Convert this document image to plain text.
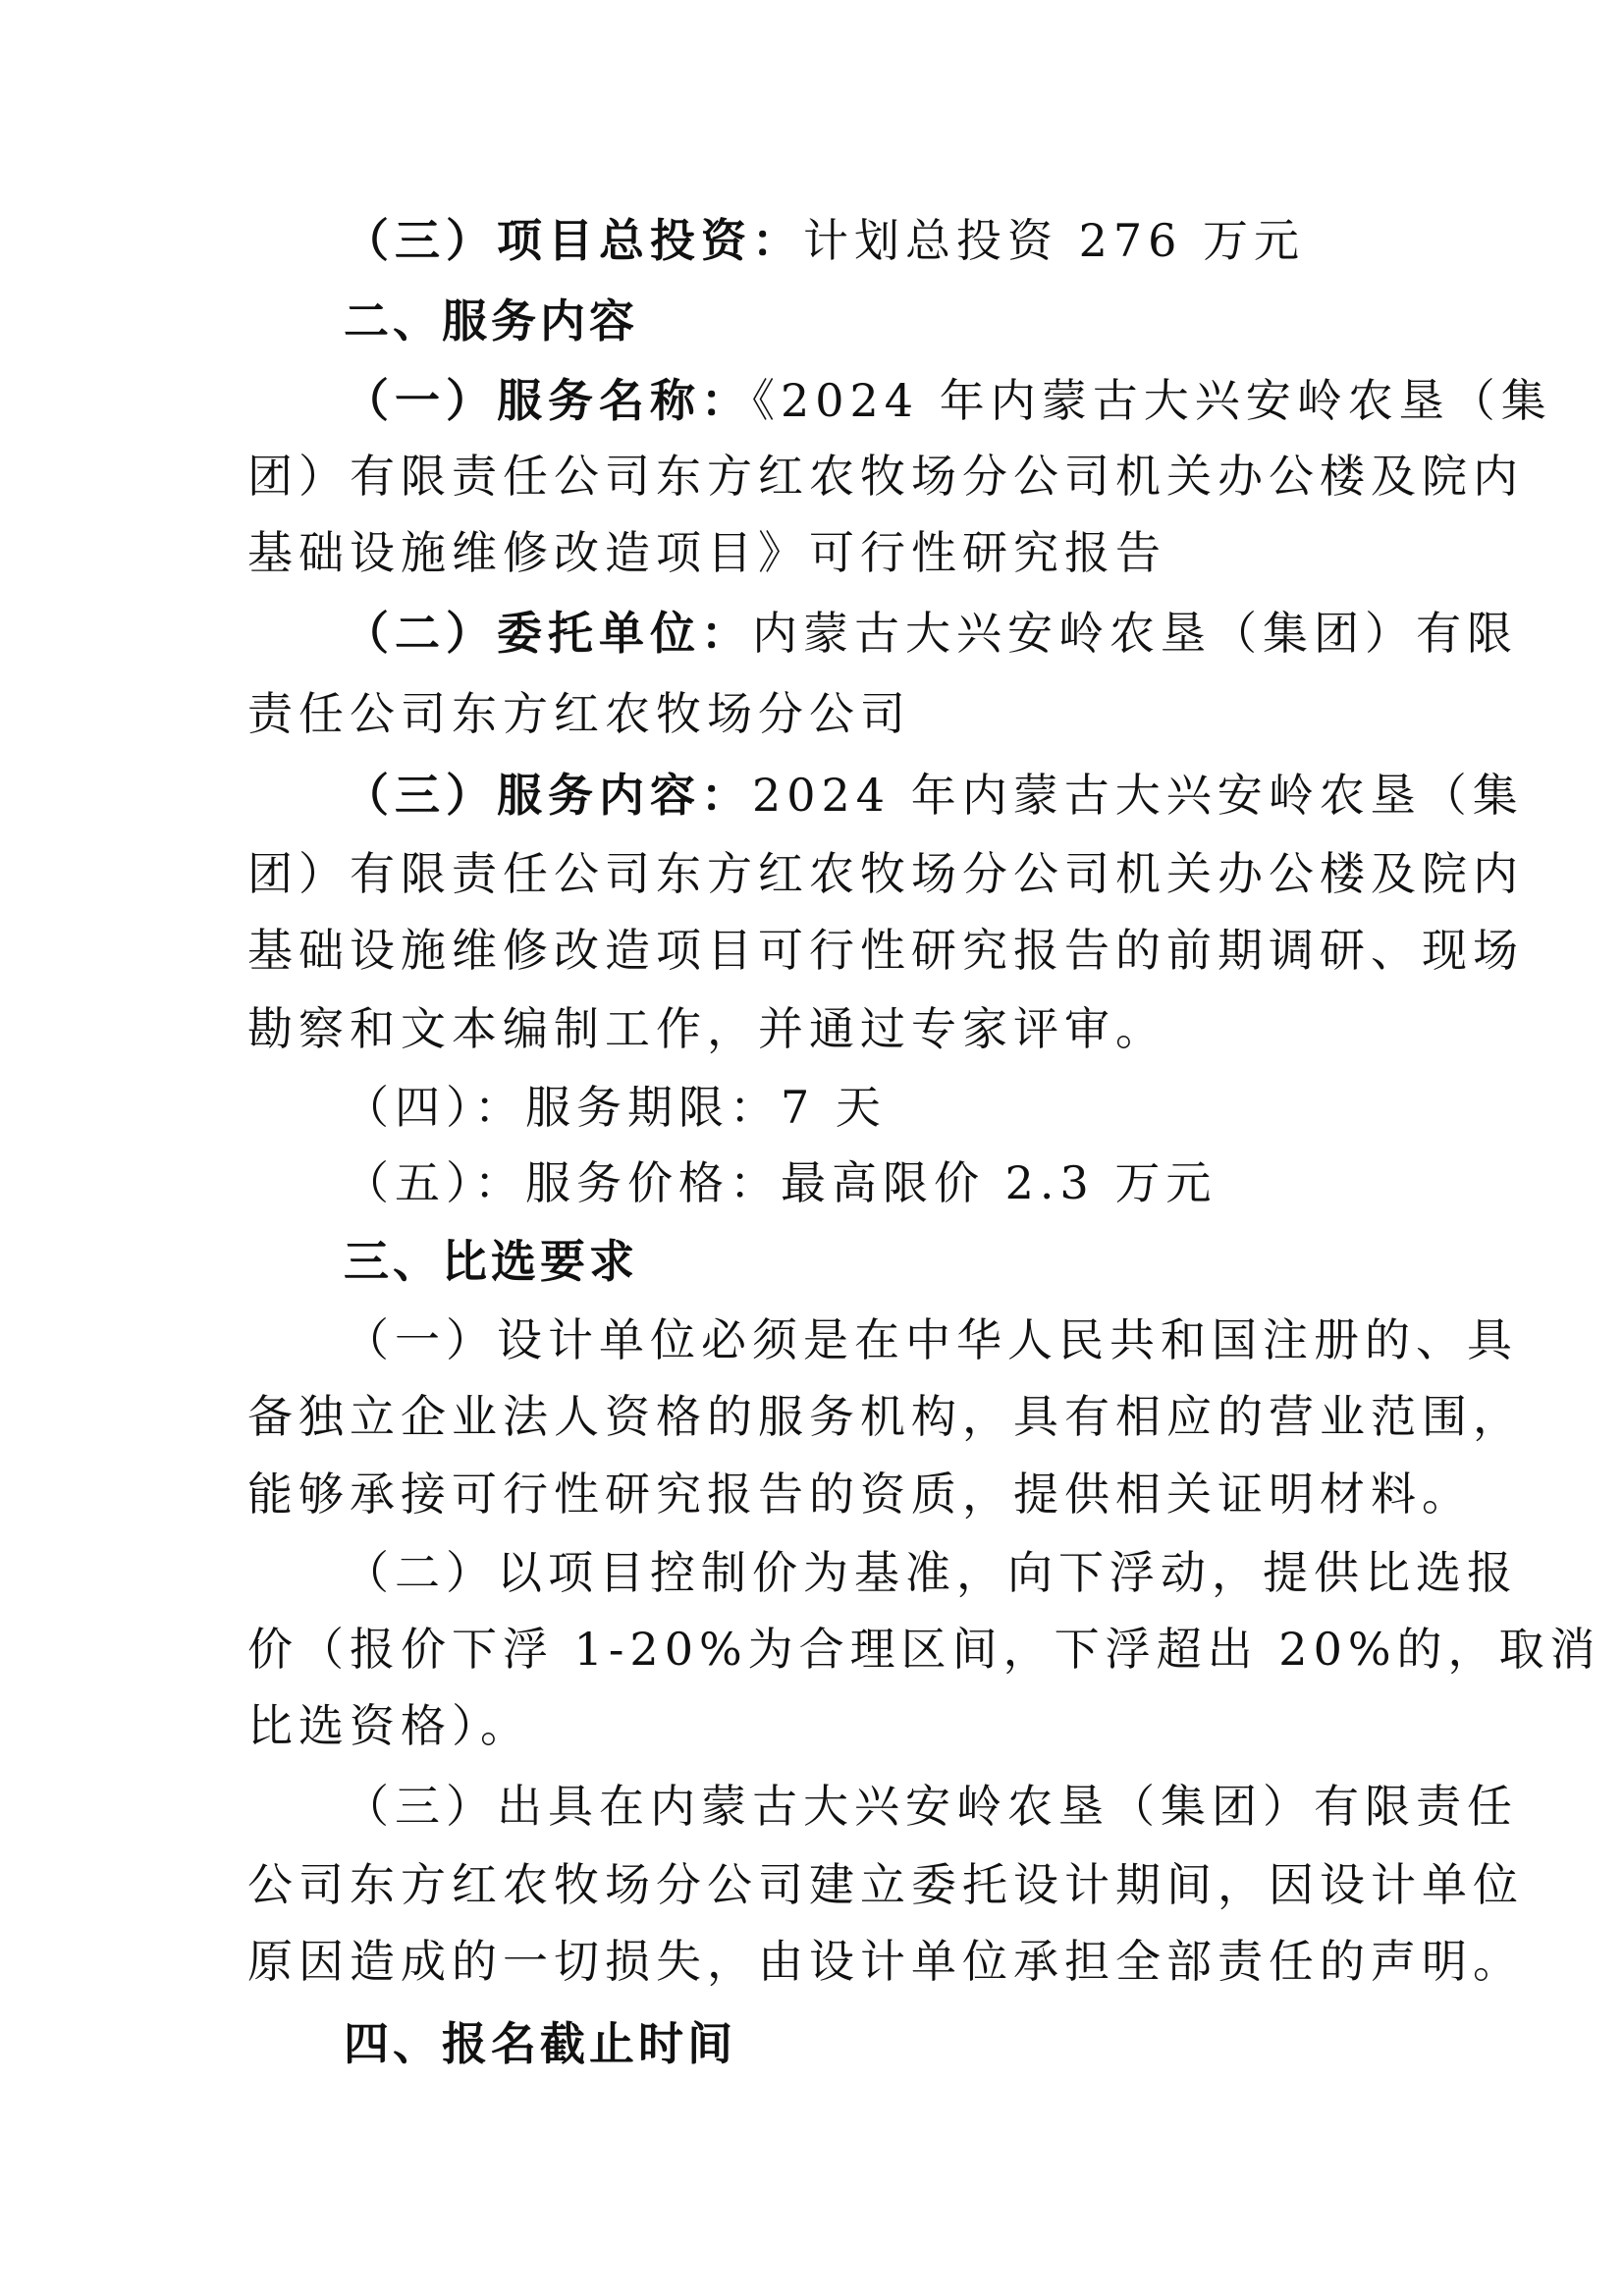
（三）项目总投资：计划总投资 276 万元
二、服务内容
（一）服务名称：《2024 年内蒙古大兴安岭农垦（集
团）有限责任公司东方红农牧场分公司机关办公楼及院内
基础设施维修改造项目》可行性研究报告
（二）委托单位：内蒙古大兴安岭农垦（集团）有限
责任公司东方红农牧场分公司
（三）服务内容：2024 年内蒙古大兴安岭农垦（集
团）有限责任公司东方红农牧场分公司机关办公楼及院内
基础设施维修改造项目可行性研究报告的前期调研、现场
勘察和文本编制工作，并通过专家评审。
（四）：服务期限：7 天
（五）：服务价格：最高限价 2.3 万元
三、比选要求
（一）设计单位必须是在中华人民共和国注册的、具
备独立企业法人资格的服务机构，具有相应的营业范围，
能够承接可行性研究报告的资质，提供相关证明材料。
（二）以项目控制价为基准，向下浮动，提供比选报
价（报价下浮 1-20%为合理区间，下浮超出 20%的，取消
比选资格）。
（三）出具在内蒙古大兴安岭农垦（集团）有限责任
公司东方红农牧场分公司建立委托设计期间，因设计单位
原因造成的一切损失，由设计单位承担全部责任的声明。
四、报名截止时间
